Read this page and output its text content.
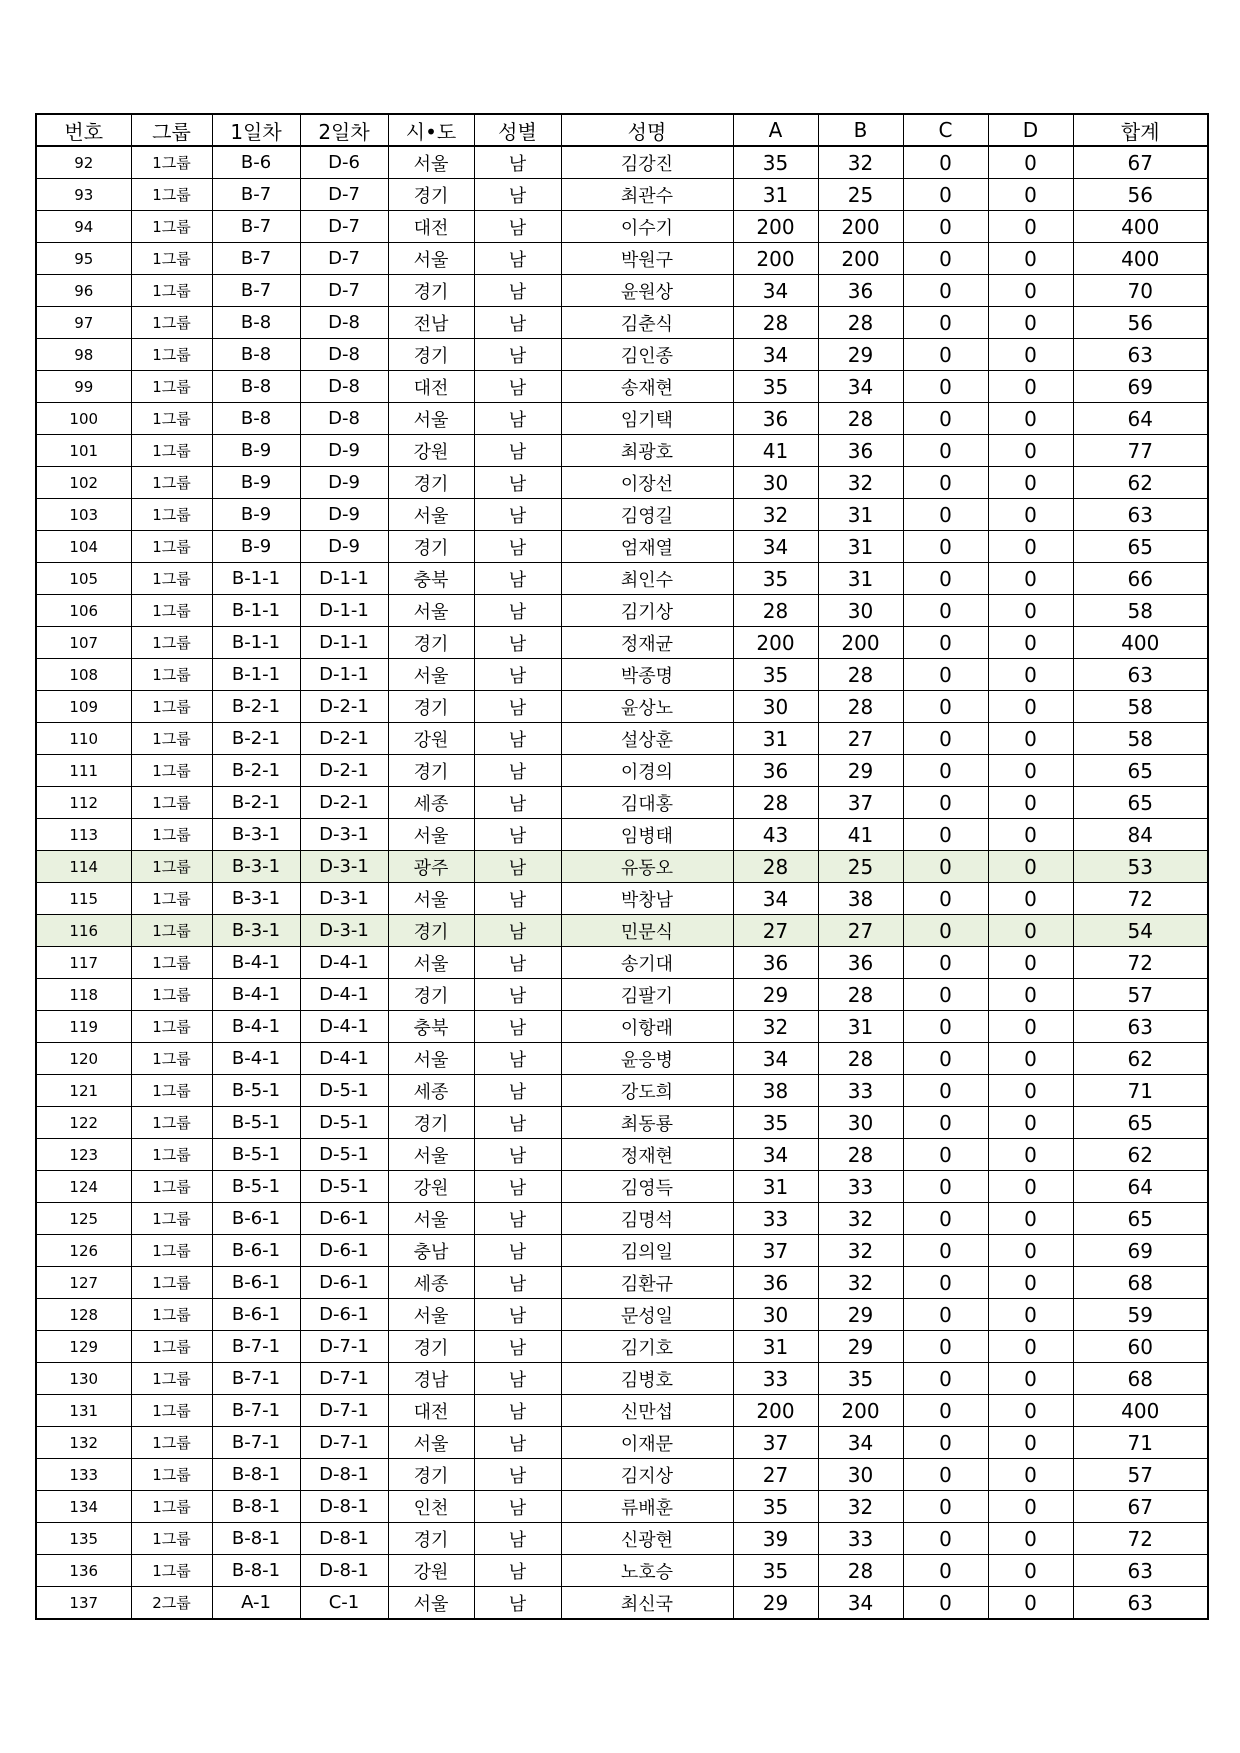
번호	그룹	1일차	2일차	시•도	성별	성명	A	B	C	D	합계
92	1그룹	B-6	D-6	서울	남	김강진	35	32	0	0	67
93	1그룹	B-7	D-7	경기	남	최관수	31	25	0	0	56
94	1그룹	B-7	D-7	대전	남	이수기	200	200	0	0	400
95	1그룹	B-7	D-7	서울	남	박원구	200	200	0	0	400
96	1그룹	B-7	D-7	경기	남	윤원상	34	36	0	0	70
97	1그룹	B-8	D-8	전남	남	김춘식	28	28	0	0	56
98	1그룹	B-8	D-8	경기	남	김인종	34	29	0	0	63
99	1그룹	B-8	D-8	대전	남	송재현	35	34	0	0	69
100	1그룹	B-8	D-8	서울	남	임기택	36	28	0	0	64
101	1그룹	B-9	D-9	강원	남	최광호	41	36	0	0	77
102	1그룹	B-9	D-9	경기	남	이장선	30	32	0	0	62
103	1그룹	B-9	D-9	서울	남	김영길	32	31	0	0	63
104	1그룹	B-9	D-9	경기	남	엄재열	34	31	0	0	65
105	1그룹	B-1-1	D-1-1	충북	남	최인수	35	31	0	0	66
106	1그룹	B-1-1	D-1-1	서울	남	김기상	28	30	0	0	58
107	1그룹	B-1-1	D-1-1	경기	남	정재균	200	200	0	0	400
108	1그룹	B-1-1	D-1-1	서울	남	박종명	35	28	0	0	63
109	1그룹	B-2-1	D-2-1	경기	남	윤상노	30	28	0	0	58
110	1그룹	B-2-1	D-2-1	강원	남	설상훈	31	27	0	0	58
111	1그룹	B-2-1	D-2-1	경기	남	이경의	36	29	0	0	65
112	1그룹	B-2-1	D-2-1	세종	남	김대홍	28	37	0	0	65
113	1그룹	B-3-1	D-3-1	서울	남	임병태	43	41	0	0	84
114	1그룹	B-3-1	D-3-1	광주	남	유동오	28	25	0	0	53
115	1그룹	B-3-1	D-3-1	서울	남	박창남	34	38	0	0	72
116	1그룹	B-3-1	D-3-1	경기	남	민문식	27	27	0	0	54
117	1그룹	B-4-1	D-4-1	서울	남	송기대	36	36	0	0	72
118	1그룹	B-4-1	D-4-1	경기	남	김팔기	29	28	0	0	57
119	1그룹	B-4-1	D-4-1	충북	남	이항래	32	31	0	0	63
120	1그룹	B-4-1	D-4-1	서울	남	윤응병	34	28	0	0	62
121	1그룹	B-5-1	D-5-1	세종	남	강도희	38	33	0	0	71
122	1그룹	B-5-1	D-5-1	경기	남	최동룡	35	30	0	0	65
123	1그룹	B-5-1	D-5-1	서울	남	정재현	34	28	0	0	62
124	1그룹	B-5-1	D-5-1	강원	남	김영득	31	33	0	0	64
125	1그룹	B-6-1	D-6-1	서울	남	김명석	33	32	0	0	65
126	1그룹	B-6-1	D-6-1	충남	남	김의일	37	32	0	0	69
127	1그룹	B-6-1	D-6-1	세종	남	김환규	36	32	0	0	68
128	1그룹	B-6-1	D-6-1	서울	남	문성일	30	29	0	0	59
129	1그룹	B-7-1	D-7-1	경기	남	김기호	31	29	0	0	60
130	1그룹	B-7-1	D-7-1	경남	남	김병호	33	35	0	0	68
131	1그룹	B-7-1	D-7-1	대전	남	신만섭	200	200	0	0	400
132	1그룹	B-7-1	D-7-1	서울	남	이재문	37	34	0	0	71
133	1그룹	B-8-1	D-8-1	경기	남	김지상	27	30	0	0	57
134	1그룹	B-8-1	D-8-1	인천	남	류배훈	35	32	0	0	67
135	1그룹	B-8-1	D-8-1	경기	남	신광현	39	33	0	0	72
136	1그룹	B-8-1	D-8-1	강원	남	노호승	35	28	0	0	63
137	2그룹	A-1	C-1	서울	남	최신국	29	34	0	0	63
